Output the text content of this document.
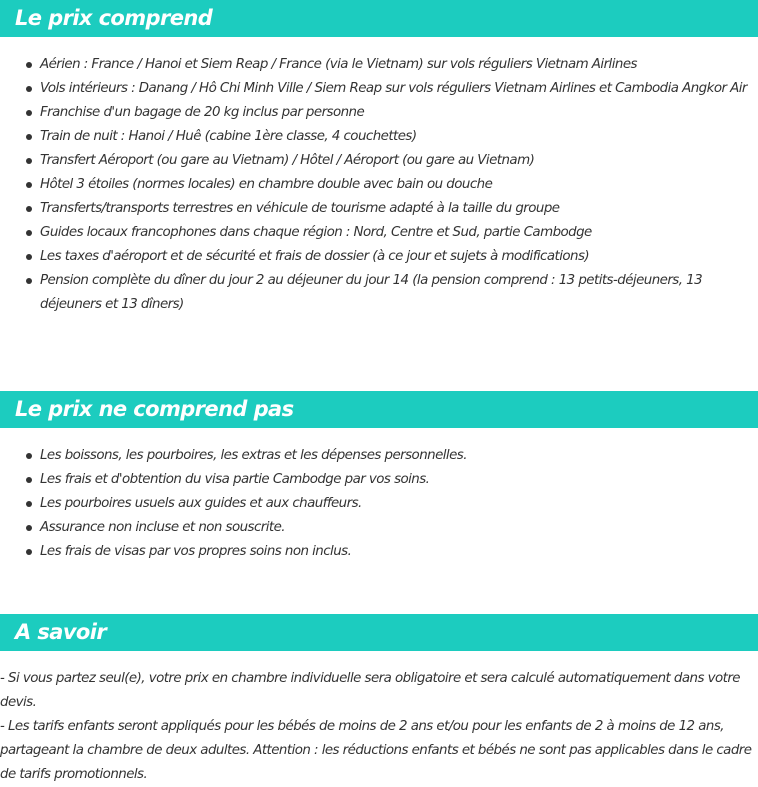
Le prix comprend
Aérien : France / Hanoi et Siem Reap / France (via le Vietnam) sur vols réguliers Vietnam Airlines
Vols intérieurs : Danang / Hô Chi Minh Ville / Siem Reap sur vols réguliers Vietnam Airlines et Cambodia Angkor Air
Franchise d'un bagage de 20 kg inclus par personne
Train de nuit : Hanoi / Huê (cabine 1ère classe, 4 couchettes)
Transfert Aéroport (ou gare au Vietnam) / Hôtel / Aéroport (ou gare au Vietnam)
Hôtel 3 étoiles (normes locales) en chambre double avec bain ou douche
Transferts/transports terrestres en véhicule de tourisme adapté à la taille du groupe
Guides locaux francophones dans chaque région : Nord, Centre et Sud, partie Cambodge
Les taxes d'aéroport et de sécurité et frais de dossier (à ce jour et sujets à modifications)
Pension complète du dîner du jour 2 au déjeuner du jour 14 (la pension comprend : 13 petits-déjeuners, 13 déjeuners et 13 dîners)
Le prix ne comprend pas
Les boissons, les pourboires, les extras et les dépenses personnelles.
Les frais et d'obtention du visa partie Cambodge par vos soins.
Les pourboires usuels aux guides et aux chauffeurs.
Assurance non incluse et non souscrite.
Les frais de visas par vos propres soins non inclus.
A savoir

- Si vous partez seul(e), votre prix en chambre individuelle sera obligatoire et sera calculé automatiquement dans votre devis.

- Les tarifs enfants seront appliqués pour les bébés de moins de 2 ans et/ou pour les enfants de 2 à moins de 12 ans, partageant la chambre de deux adultes. Attention : les réductions enfants et bébés ne sont pas applicables dans le cadre de tarifs promotionnels.
